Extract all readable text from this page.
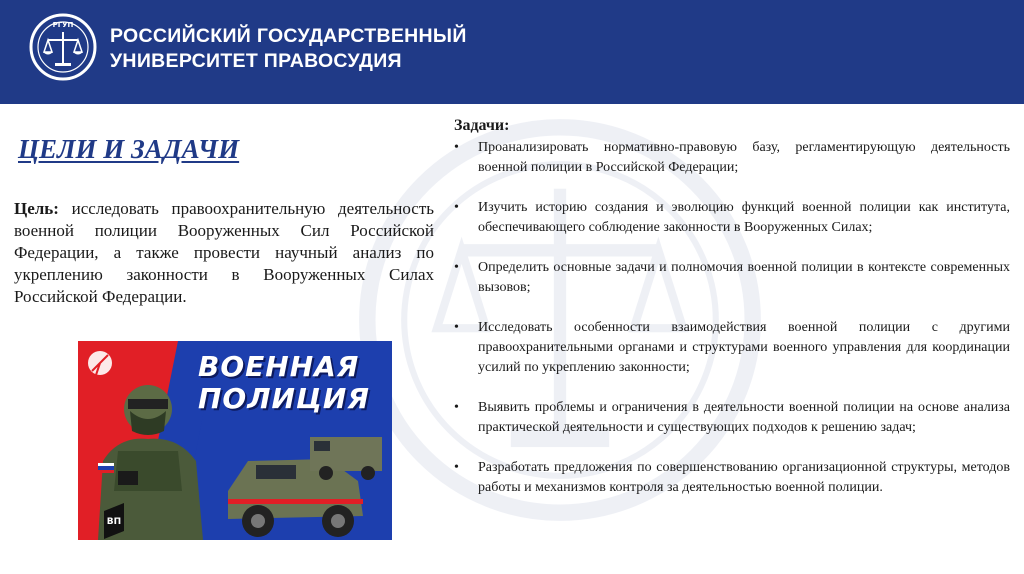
РГУП РОССИЙСКИЙ ГОСУДАРСТВЕННЫЙ
УНИВЕРСИТЕТ ПРАВОСУДИЯ
ЦЕЛИ И ЗАДАЧИ
Цель: исследовать правоохранительную деятельность военной полиции Вооруженных Сил Российской Федерации, а также провести научный анализ по укреплению законности в Вооруженных Силах Российской Федерации.
ВП
ВОЕННАЯ
ПОЛИЦИЯ
Задачи:
• Проанализировать нормативно-правовую базу, регламентирующую деятельность военной полиции в Российской Федерации;
• Изучить историю создания и эволюцию функций военной полиции как института, обеспечивающего соблюдение законности в Вооруженных Силах;
• Определить основные задачи и полномочия военной полиции в контексте современных вызовов;
• Исследовать особенности взаимодействия военной полиции с другими правоохранительными органами и структурами военного управления для координации усилий по укреплению законности;
• Выявить проблемы и ограничения в деятельности военной полиции на основе анализа практической деятельности и существующих подходов к решению задач;
• Разработать предложения по совершенствованию организационной структуры, методов работы и механизмов контроля за деятельностью военной полиции.
